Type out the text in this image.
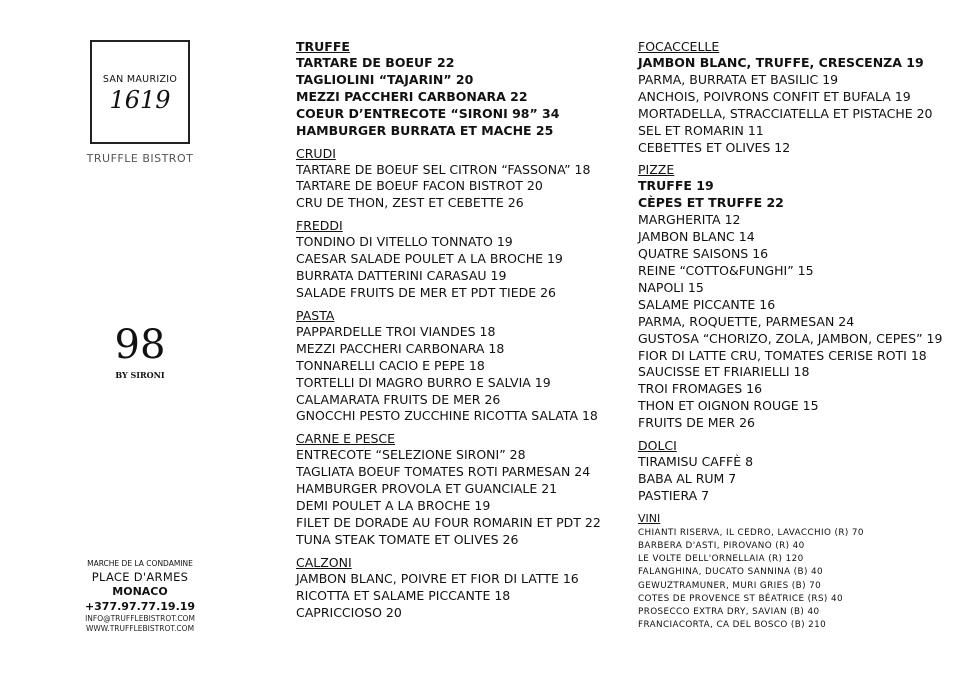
SAN MAURIZIO
1619
TRUFFLE BISTROT
98
BY SIRONI
MARCHE DE LA CONDAMINE
PLACE D'ARMES
MONACO
+377.97.77.19.19
INFO@TRUFFLEBISTROT.COM
WWW.TRUFFLEBISTROT.COM
TRUFFE
TARTARE DE BOEUF 22
TAGLIOLINI “TAJARIN” 20
MEZZI PACCHERI CARBONARA 22
COEUR D’ENTRECOTE “SIRONI 98” 34
HAMBURGER BURRATA ET MACHE 25
CRUDI
TARTARE DE BOEUF SEL CITRON “FASSONA” 18
TARTARE DE BOEUF FACON BISTROT 20
CRU DE THON, ZEST ET CEBETTE 26
FREDDI
TONDINO DI VITELLO TONNATO 19
CAESAR SALADE POULET A LA BROCHE 19
BURRATA DATTERINI CARASAU 19
SALADE FRUITS DE MER ET PDT TIEDE 26
PASTA
PAPPARDELLE TROI VIANDES 18
MEZZI PACCHERI CARBONARA 18
TONNARELLI CACIO E PEPE 18
TORTELLI DI MAGRO BURRO E SALVIA 19
CALAMARATA FRUITS DE MER 26
GNOCCHI PESTO ZUCCHINE RICOTTA SALATA 18
CARNE E PESCE
ENTRECOTE “SELEZIONE SIRONI” 28
TAGLIATA BOEUF TOMATES ROTI PARMESAN 24
HAMBURGER PROVOLA ET GUANCIALE 21
DEMI POULET A LA BROCHE 19
FILET DE DORADE AU FOUR ROMARIN ET PDT 22
TUNA STEAK TOMATE ET OLIVES 26
CALZONI
JAMBON BLANC, POIVRE ET FIOR DI LATTE 16
RICOTTA ET SALAME PICCANTE 18
CAPRICCIOSO 20
FOCACCELLE
JAMBON BLANC, TRUFFE, CRESCENZA 19
PARMA, BURRATA ET BASILIC 19
ANCHOIS, POIVRONS CONFIT ET BUFALA 19
MORTADELLA, STRACCIATELLA ET PISTACHE 20
SEL ET ROMARIN 11
CEBETTES ET OLIVES 12
PIZZE
TRUFFE 19
CÈPES ET TRUFFE 22
MARGHERITA 12
JAMBON BLANC 14
QUATRE SAISONS 16
REINE “COTTO&FUNGHI” 15
NAPOLI 15
SALAME PICCANTE 16
PARMA, ROQUETTE, PARMESAN 24
GUSTOSA “CHORIZO, ZOLA, JAMBON, CEPES” 19
FIOR DI LATTE CRU, TOMATES CERISE ROTI 18
SAUCISSE ET FRIARIELLI 18
TROI FROMAGES 16
THON ET OIGNON ROUGE 15
FRUITS DE MER 26
DOLCI
TIRAMISU CAFFÈ 8
BABA AL RUM 7
PASTIERA 7
VINI
CHIANTI RISERVA, IL CEDRO, LAVACCHIO (R) 70
BARBERA D'ASTI, PIROVANO (R) 40
LE VOLTE DELL'ORNELLAIA (R) 120
FALANGHINA, DUCATO SANNINA (B) 40
GEWUZTRAMUNER, MURI GRIES (B) 70
COTES DE PROVENCE ST BÉATRICE (RS) 40
PROSECCO EXTRA DRY, SAVIAN (B) 40
FRANCIACORTA, CA DEL BOSCO (B) 210
